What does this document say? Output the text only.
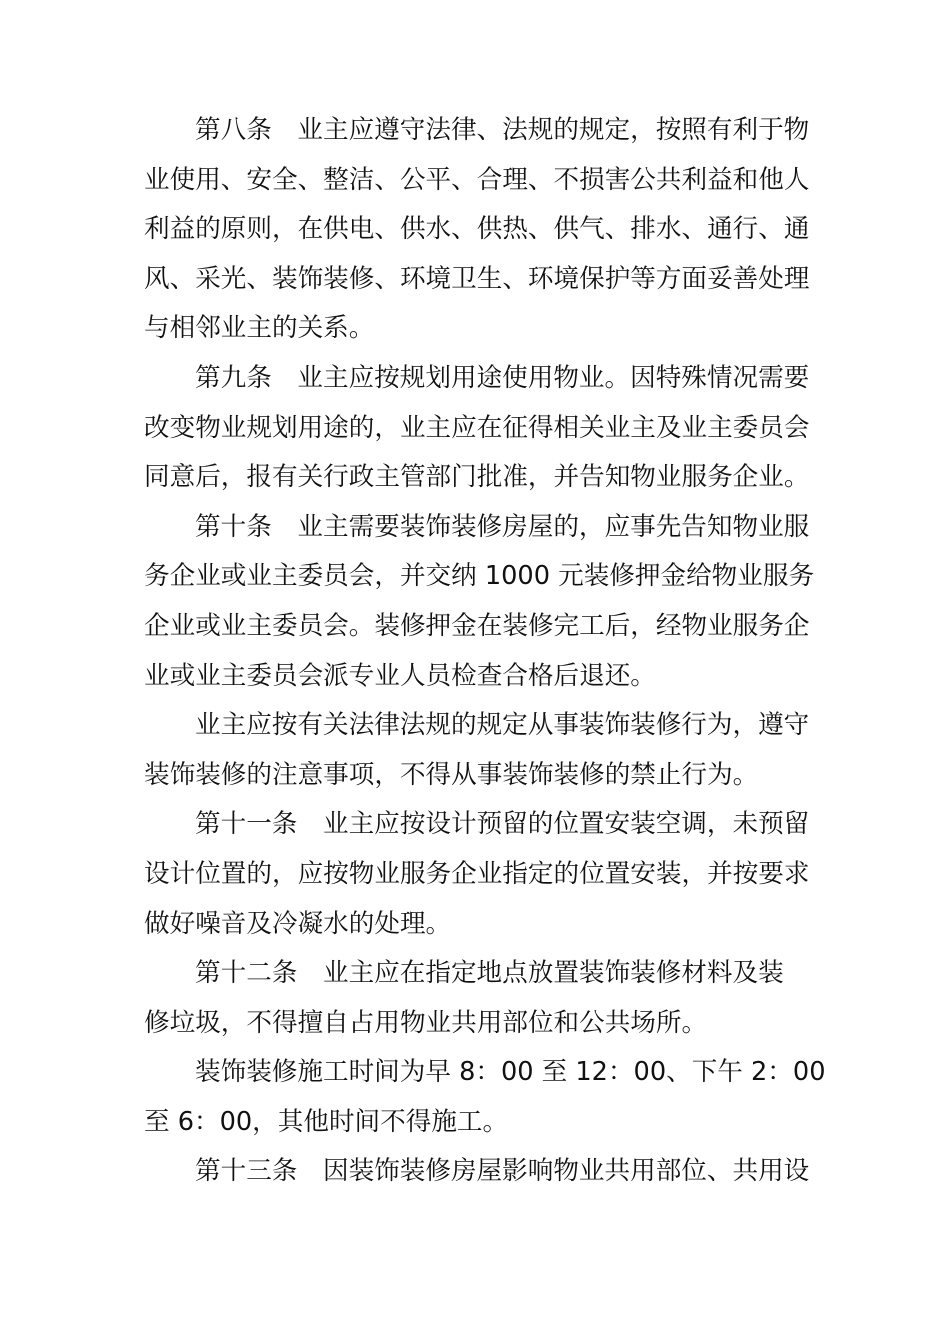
第八条　业主应遵守法律、法规的规定，按照有利于物
业使用、安全、整洁、公平、合理、不损害公共利益和他人
利益的原则，在供电、供水、供热、供气、排水、通行、通
风、采光、装饰装修、环境卫生、环境保护等方面妥善处理
与相邻业主的关系。
第九条　业主应按规划用途使用物业。因特殊情况需要
改变物业规划用途的，业主应在征得相关业主及业主委员会
同意后，报有关行政主管部门批准，并告知物业服务企业。
第十条　业主需要装饰装修房屋的，应事先告知物业服
务企业或业主委员会，并交纳 1000 元装修押金给物业服务
企业或业主委员会。装修押金在装修完工后，经物业服务企
业或业主委员会派专业人员检查合格后退还。
业主应按有关法律法规的规定从事装饰装修行为，遵守
装饰装修的注意事项，不得从事装饰装修的禁止行为。
第十一条　业主应按设计预留的位置安装空调，未预留
设计位置的，应按物业服务企业指定的位置安装，并按要求
做好噪音及冷凝水的处理。
第十二条　业主应在指定地点放置装饰装修材料及装
修垃圾，不得擅自占用物业共用部位和公共场所。
装饰装修施工时间为早 8：00 至 12：00、下午 2：00
至 6：00，其他时间不得施工。
第十三条　因装饰装修房屋影响物业共用部位、共用设
